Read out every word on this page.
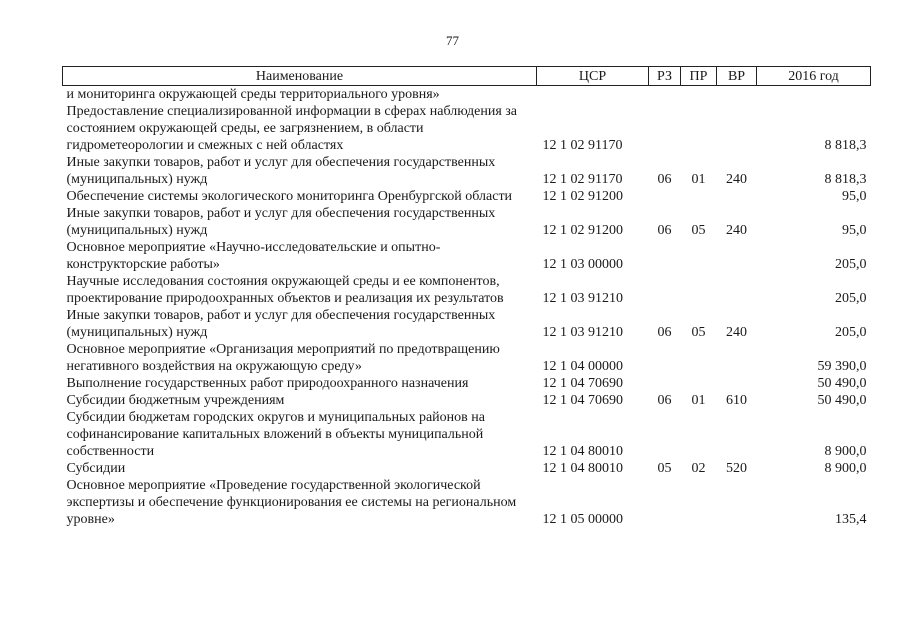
77
Наименование	ЦСР	РЗ	ПР	ВР	2016 год
и мониторинга окружающей среды территориального уровня»					
Предоставление специализированной информации в сферах наблюдения за состоянием окружающей среды, ее загрязнением, в области гидрометеорологии и смежных с ней областях	12 1 02 91170				8 818,3
Иные закупки товаров, работ и услуг для обеспечения государственных (муниципальных) нужд	12 1 02 91170	06	01	240	8 818,3
Обеспечение системы экологического мониторинга Оренбургской области	12 1 02 91200				95,0
Иные закупки товаров, работ и услуг для обеспечения государственных (муниципальных) нужд	12 1 02 91200	06	05	240	95,0
Основное мероприятие «Научно-исследовательские и опытно-конструкторские работы»	12 1 03 00000				205,0
Научные исследования состояния окружающей среды и ее компонентов, проектирование природоохранных объектов и реализация их результатов	12 1 03 91210				205,0
Иные закупки товаров, работ и услуг для обеспечения государственных (муниципальных) нужд	12 1 03 91210	06	05	240	205,0
Основное мероприятие «Организация мероприятий по предотвращению негативного воздействия на окружающую среду»	12 1 04 00000				59 390,0
Выполнение государственных работ природоохранного назначения	12 1 04 70690				50 490,0
Субсидии бюджетным учреждениям	12 1 04 70690	06	01	610	50 490,0
Субсидии бюджетам городских округов и муниципальных районов на софинансирование капитальных вложений в объекты муниципальной собственности	12 1 04 80010				8 900,0
Субсидии	12 1 04 80010	05	02	520	8 900,0
Основное мероприятие «Проведение государственной экологической экспертизы и обеспечение функционирования ее системы на региональном уровне»	12 1 05 00000				135,4
